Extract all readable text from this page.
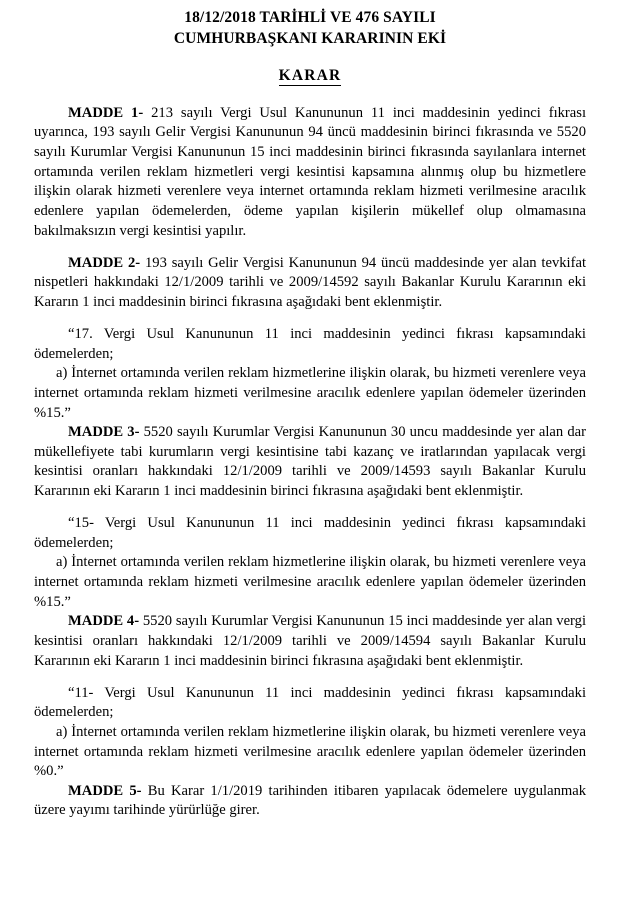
18/12/2018 TARİHLİ VE 476 SAYILI
CUMHURBAŞKANI KARARININ EKİ
KARAR

MADDE 1- 213 sayılı Vergi Usul Kanununun 11 inci maddesinin yedinci fıkrası uyarınca, 193 sayılı Gelir Vergisi Kanununun 94 üncü maddesinin birinci fıkrasında ve 5520 sayılı Kurumlar Vergisi Kanununun 15 inci maddesinin birinci fıkrasında sayılanlara internet ortamında verilen reklam hizmetleri vergi kesintisi kapsamına alınmış olup bu hizmetlere ilişkin olarak hizmeti verenlere veya internet ortamında reklam hizmeti verilmesine aracılık edenlere yapılan ödemelerden, ödeme yapılan kişilerin mükellef olup olmamasına bakılmaksızın vergi kesintisi yapılır.

MADDE 2- 193 sayılı Gelir Vergisi Kanununun 94 üncü maddesinde yer alan tevkifat nispetleri hakkındaki 12/1/2009 tarihli ve 2009/14592 sayılı Bakanlar Kurulu Kararının eki Kararın 1 inci maddesinin birinci fıkrasına aşağıdaki bent eklenmiştir.

“17. Vergi Usul Kanununun 11 inci maddesinin yedinci fıkrası kapsamındaki ödemelerden;

a) İnternet ortamında verilen reklam hizmetlerine ilişkin olarak, bu hizmeti verenlere veya internet ortamında reklam hizmeti verilmesine aracılık edenlere yapılan ödemeler üzerinden %15.”

MADDE 3- 5520 sayılı Kurumlar Vergisi Kanununun 30 uncu maddesinde yer alan dar mükellefiyete tabi kurumların vergi kesintisine tabi kazanç ve iratlarından yapılacak vergi kesintisi oranları hakkındaki 12/1/2009 tarihli ve 2009/14593 sayılı Bakanlar Kurulu Kararının eki Kararın 1 inci maddesinin birinci fıkrasına aşağıdaki bent eklenmiştir.

“15- Vergi Usul Kanununun 11 inci maddesinin yedinci fıkrası kapsamındaki ödemelerden;

a) İnternet ortamında verilen reklam hizmetlerine ilişkin olarak, bu hizmeti verenlere veya internet ortamında reklam hizmeti verilmesine aracılık edenlere yapılan ödemeler üzerinden %15.”

MADDE 4- 5520 sayılı Kurumlar Vergisi Kanununun 15 inci maddesinde yer alan vergi kesintisi oranları hakkındaki 12/1/2009 tarihli ve 2009/14594 sayılı Bakanlar Kurulu Kararının eki Kararın 1 inci maddesinin birinci fıkrasına aşağıdaki bent eklenmiştir.

“11- Vergi Usul Kanununun 11 inci maddesinin yedinci fıkrası kapsamındaki ödemelerden;

a) İnternet ortamında verilen reklam hizmetlerine ilişkin olarak, bu hizmeti verenlere veya internet ortamında reklam hizmeti verilmesine aracılık edenlere yapılan ödemeler üzerinden %0.”

MADDE 5- Bu Karar 1/1/2019 tarihinden itibaren yapılacak ödemelere uygulanmak üzere yayımı tarihinde yürürlüğe girer.
